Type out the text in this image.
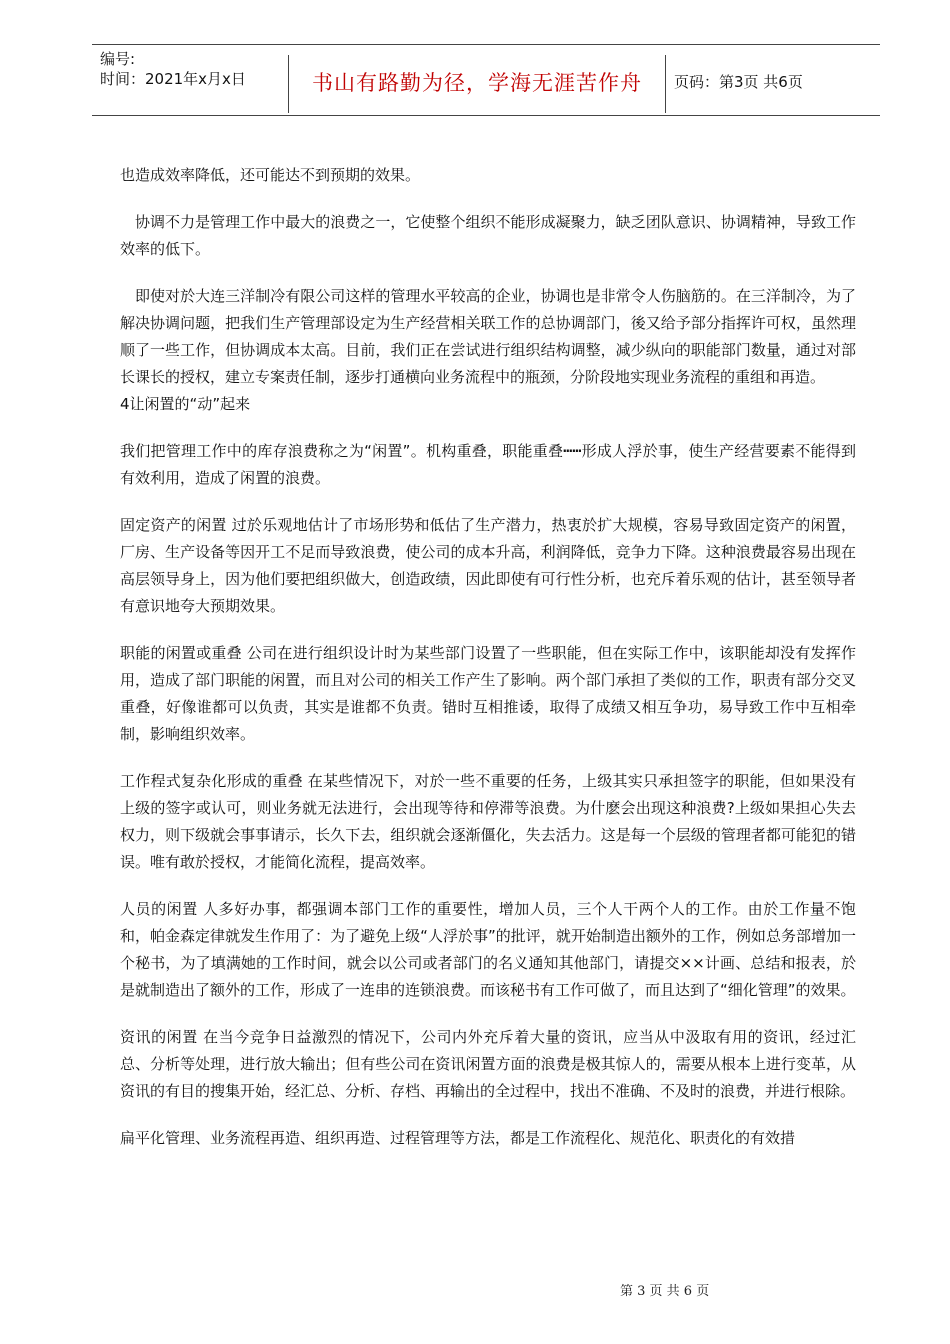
编号:
时间：2021年x月x日	书山有路勤为径，学海无涯苦作舟	页码：第3页 共6页

也造成效率降低，还可能达不到预期的效果。

　协调不力是管理工作中最大的浪费之一，它使整个组织不能形成凝聚力，缺乏团队意识、协调精神，导致工作效率的低下。

　即使对於大连三洋制冷有限公司这样的管理水平较高的企业，协调也是非常令人伤脑筋的。在三洋制冷，为了解决协调问题，把我们生产管理部设定为生产经营相关联工作的总协调部门，後又给予部分指挥许可权，虽然理顺了一些工作，但协调成本太高。目前，我们正在尝试进行组织结构调整，减少纵向的职能部门数量，通过对部长课长的授权，建立专案责任制，逐步打通横向业务流程中的瓶颈，分阶段地实现业务流程的重组和再造。

4让闲置的“动”起来

我们把管理工作中的库存浪费称之为“闲置”。机构重叠，职能重叠┅┅形成人浮於事，使生产经营要素不能得到有效利用，造成了闲置的浪费。

固定资产的闲置 过於乐观地估计了市场形势和低估了生产潜力，热衷於扩大规模，容易导致固定资产的闲置，厂房、生产设备等因开工不足而导致浪费，使公司的成本升高，利润降低，竞争力下降。这种浪费最容易出现在高层领导身上，因为他们要把组织做大，创造政绩，因此即使有可行性分析，也充斥着乐观的估计，甚至领导者有意识地夸大预期效果。

职能的闲置或重叠 公司在进行组织设计时为某些部门设置了一些职能，但在实际工作中，该职能却没有发挥作用，造成了部门职能的闲置，而且对公司的相关工作产生了影响。两个部门承担了类似的工作，职责有部分交叉重叠，好像谁都可以负责，其实是谁都不负责。错时互相推诿，取得了成绩又相互争功，易导致工作中互相牵制，影响组织效率。

工作程式复杂化形成的重叠 在某些情况下，对於一些不重要的任务，上级其实只承担签字的职能，但如果没有上级的签字或认可，则业务就无法进行，会出现等待和停滞等浪费。为什麽会出现这种浪费?上级如果担心失去权力，则下级就会事事请示，长久下去，组织就会逐渐僵化，失去活力。这是每一个层级的管理者都可能犯的错误。唯有敢於授权，才能简化流程，提高效率。

人员的闲置 人多好办事，都强调本部门工作的重要性，增加人员，三个人干两个人的工作。由於工作量不饱和，帕金森定律就发生作用了：为了避免上级“人浮於事”的批评，就开始制造出额外的工作，例如总务部增加一个秘书，为了填满她的工作时间，就会以公司或者部门的名义通知其他部门，请提交××计画、总结和报表，於是就制造出了额外的工作，形成了一连串的连锁浪费。而该秘书有工作可做了，而且达到了“细化管理”的效果。

资讯的闲置 在当今竞争日益激烈的情况下，公司内外充斥着大量的资讯，应当从中汲取有用的资讯，经过汇总、分析等处理，进行放大输出；但有些公司在资讯闲置方面的浪费是极其惊人的，需要从根本上进行变革，从资讯的有目的搜集开始，经汇总、分析、存档、再输出的全过程中，找出不准确、不及时的浪费，并进行根除。

扁平化管理、业务流程再造、组织再造、过程管理等方法，都是工作流程化、规范化、职责化的有效措

第 3 页 共 6 页
